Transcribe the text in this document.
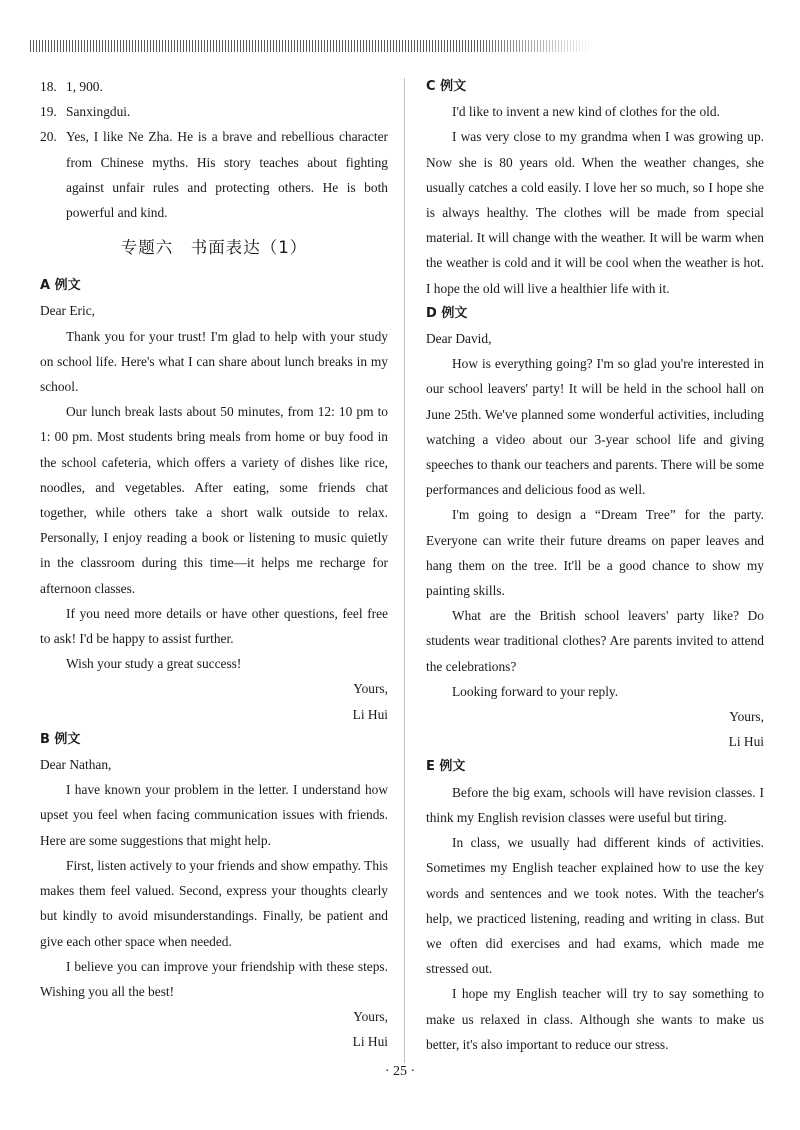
18. 1, 900.
19. Sanxingdui.
20. Yes, I like Ne Zha. He is a brave and rebellious character from Chinese myths. His story teaches about fighting against unfair rules and protecting others. He is both powerful and kind.
专题六　书面表达（1）
A 例文

Dear Eric,

Thank you for your trust! I'm glad to help with your study on school life. Here's what I can share about lunch breaks in my school.

Our lunch break lasts about 50 minutes, from 12: 10 pm to 1: 00 pm. Most students bring meals from home or buy food in the school cafeteria, which offers a variety of dishes like rice, noodles, and vegetables. After eating, some friends chat together, while others take a short walk outside to relax. Personally, I enjoy reading a book or listening to music quietly in the classroom during this time—it helps me recharge for afternoon classes.

If you need more details or have other questions, feel free to ask! I'd be happy to assist further.

Wish your study a great success!

Yours,

Li Hui

B 例文

Dear Nathan,

I have known your problem in the letter. I understand how upset you feel when facing communication issues with friends. Here are some suggestions that might help.

First, listen actively to your friends and show empathy. This makes them feel valued. Second, express your thoughts clearly but kindly to avoid misunderstandings. Finally, be patient and give each other space when needed.

I believe you can improve your friendship with these steps. Wishing you all the best!

Yours,

Li Hui

C 例文

I'd like to invent a new kind of clothes for the old.

I was very close to my grandma when I was growing up. Now she is 80 years old. When the weather changes, she usually catches a cold easily. I love her so much, so I hope she is always healthy. The clothes will be made from special material. It will change with the weather. It will be warm when the weather is cold and it will be cool when the weather is hot. I hope the old will live a healthier life with it.

D 例文

Dear David,

How is everything going? I'm so glad you're interested in our school leavers' party! It will be held in the school hall on June 25th. We've planned some wonderful activities, including watching a video about our 3-year school life and giving speeches to thank our teachers and parents. There will be some performances and delicious food as well.

I'm going to design a “Dream Tree” for the party. Everyone can write their future dreams on paper leaves and hang them on the tree. It'll be a good chance to show my painting skills.

What are the British school leavers' party like? Do students wear traditional clothes? Are parents invited to attend the celebrations?

Looking forward to your reply.

Yours,

Li Hui

E 例文

Before the big exam, schools will have revision classes. I think my English revision classes were useful but tiring.

In class, we usually had different kinds of activities. Sometimes my English teacher explained how to use the key words and sentences and we took notes. With the teacher's help, we practiced listening, reading and writing in class. But we often did exercises and had exams, which made me stressed out.

I hope my English teacher will try to say something to make us relaxed in class. Although she wants to make us better, it's also important to reduce our stress.

· 25 ·
